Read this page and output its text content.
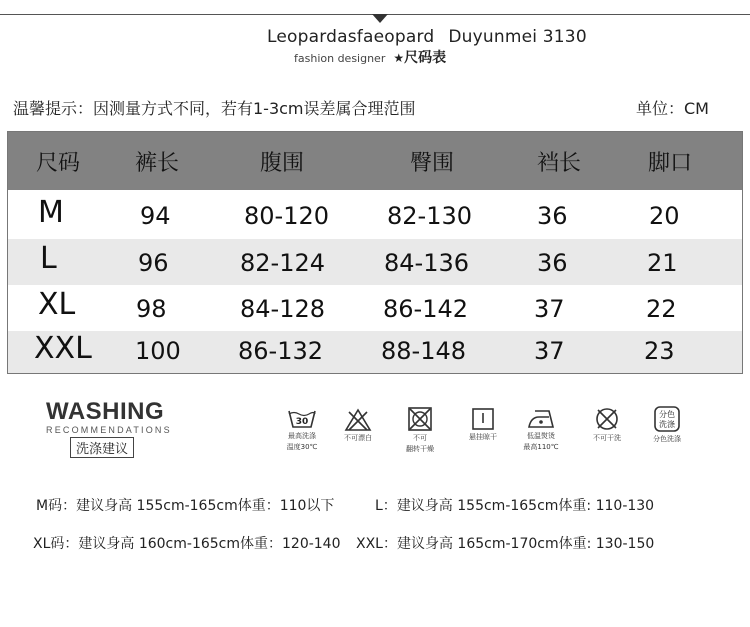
Leopardasfaeopard Duyunmei 3130
fashion designer ★尺码表
温馨提示：因测量方式不同，若有1-3cm误差属合理范围	单位：CM
尺码 裤长	腹围	臀围	裆长	脚口
M	94	80-120 82-130	36	20
L	96	82-124 84-136	36	21
XL	98	84-128 86-142	37	22
XXL 100 86-132 88-148	37	23
WASHING
RECOMMENDATIONS
洗涤建议
30
最高洗涤
温度30℃
不可漂白	不可
翻转干燥
悬挂晾干	低温熨烫
最高110℃
不可干洗
分色
洗涤
分色洗涤
M码：建议身高 155cm-165cm体重：110以下	L：建议身高 155cm-165cm体重: 110-130
XL码：建议身高 160cm-165cm体重：120-140 XXL：建议身高 165cm-170cm体重: 130-150
